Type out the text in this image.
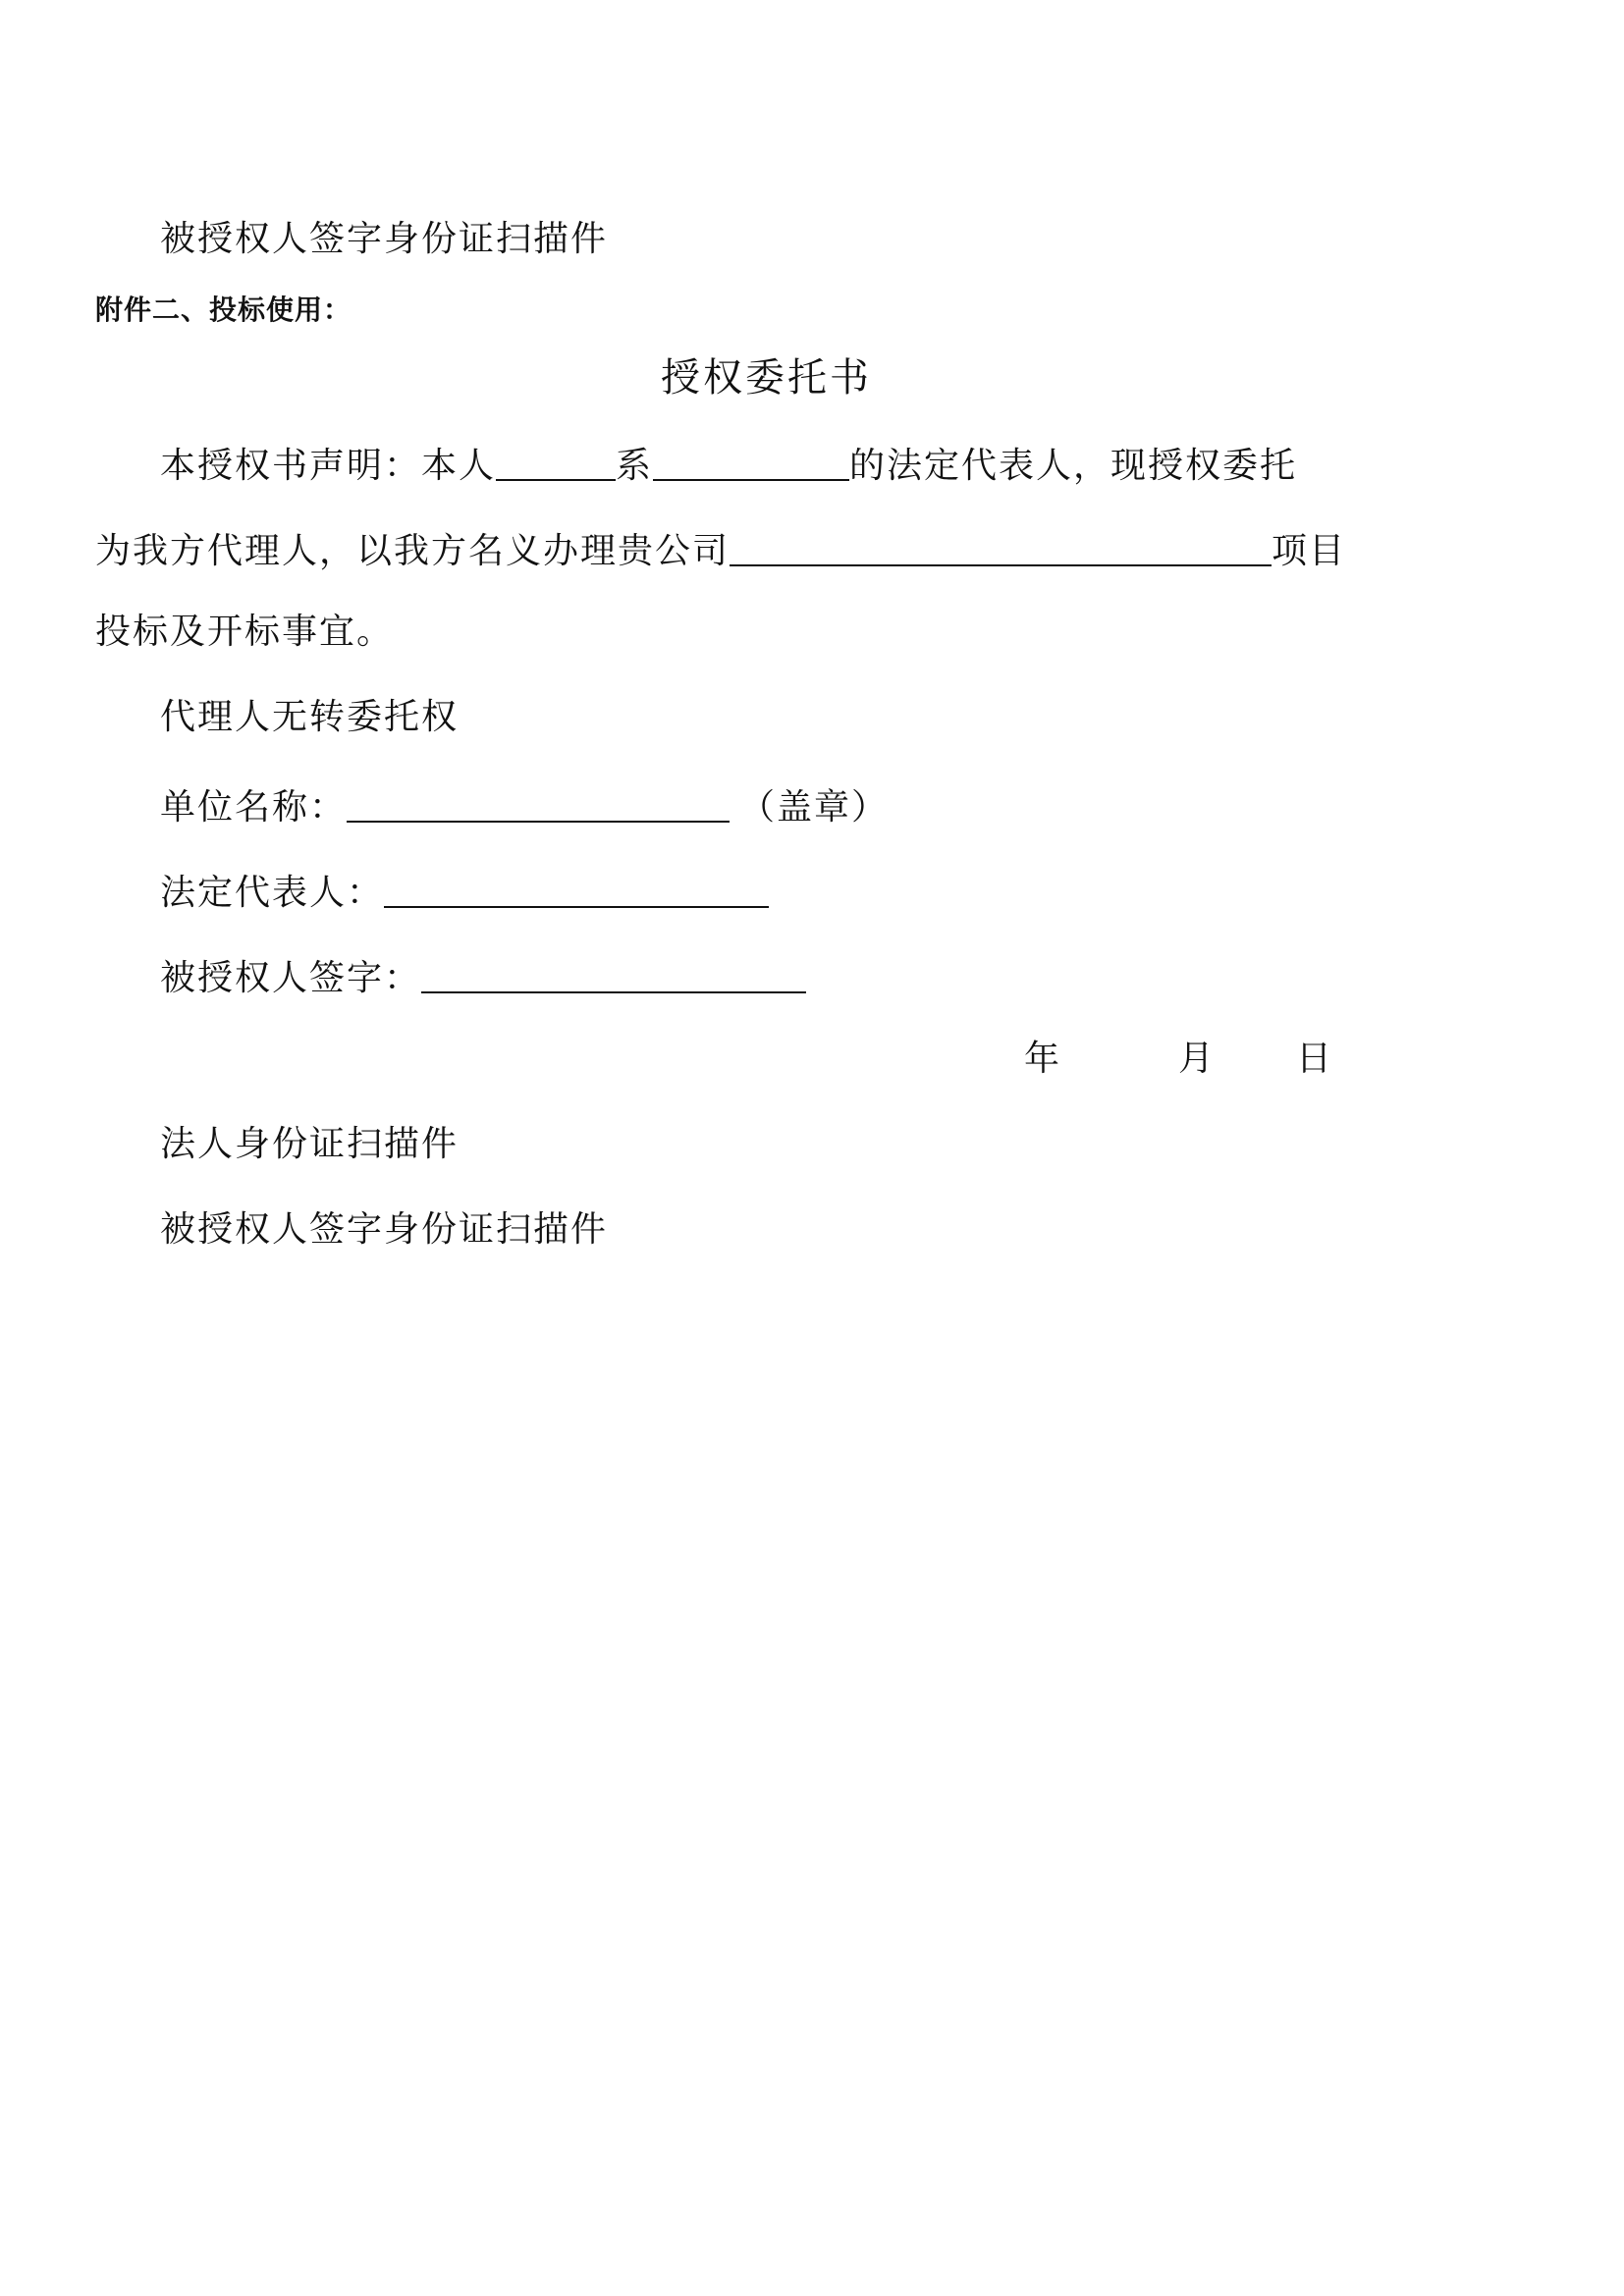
被授权人签字身份证扫描件
附件二、投标使用：
授权委托书
本授权书声明：本人	系	的法定代表人，现授权委托
为我方代理人，以我方名义办理贵公司	项目
投标及开标事宜。
代理人无转委托权
单位名称：	（盖章）
法定代表人：
被授权人签字：
年	月 日
法人身份证扫描件
被授权人签字身份证扫描件
